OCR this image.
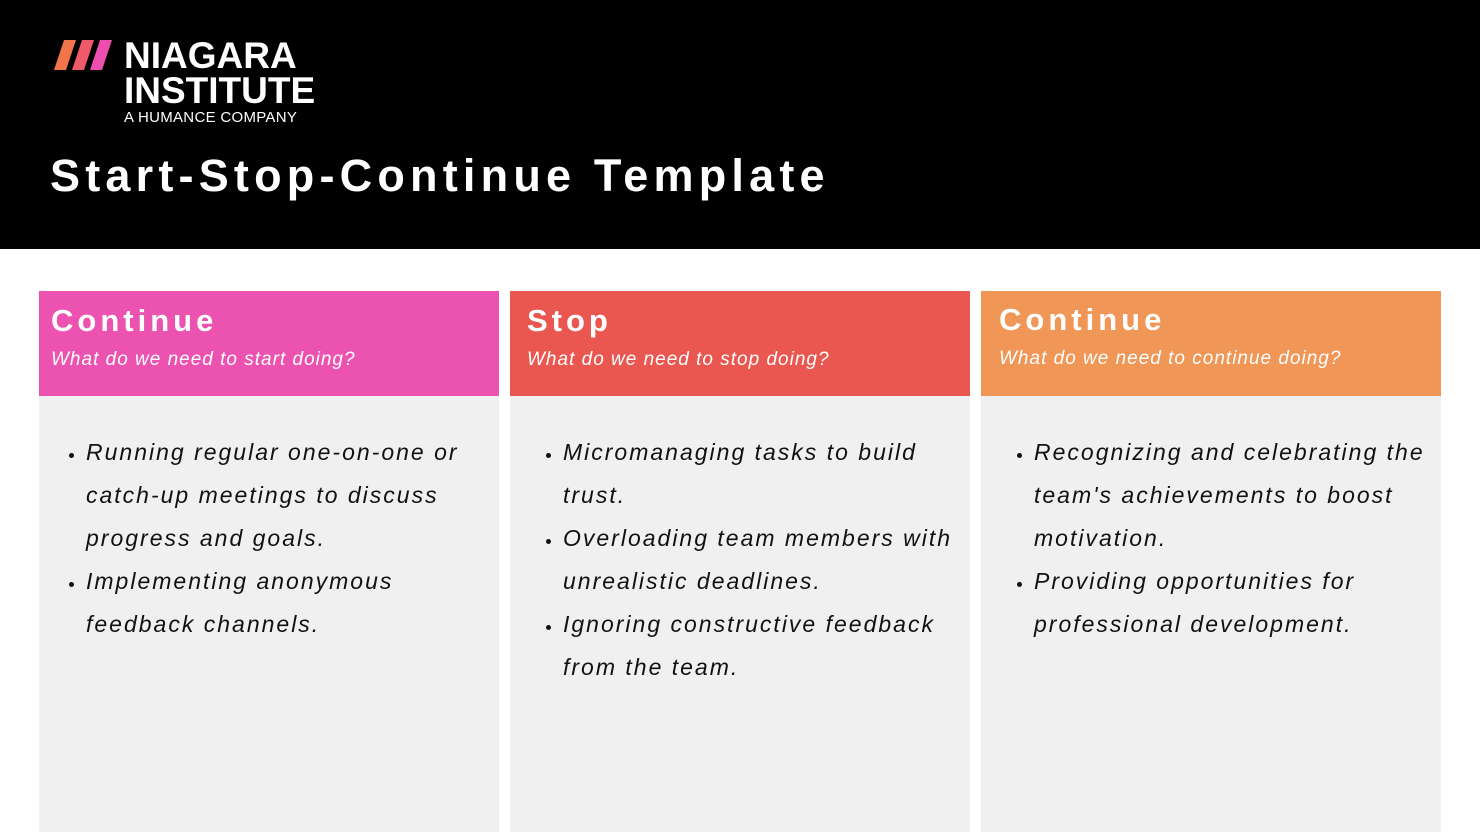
NIAGARA
INSTITUTE
A HUMANCE COMPANY
Start-Stop-Continue Template
Continue
What do we need to start doing?
• Running regular one-on-one or catch-up meetings to discuss progress and goals.
• Implementing anonymous feedback channels.
Stop
What do we need to stop doing?
• Micromanaging tasks to build trust.
• Overloading team members with unrealistic deadlines.
• Ignoring constructive feedback from the team.
Continue
What do we need to continue doing?
• Recognizing and celebrating the team's achievements to boost motivation.
• Providing opportunities for professional development.
